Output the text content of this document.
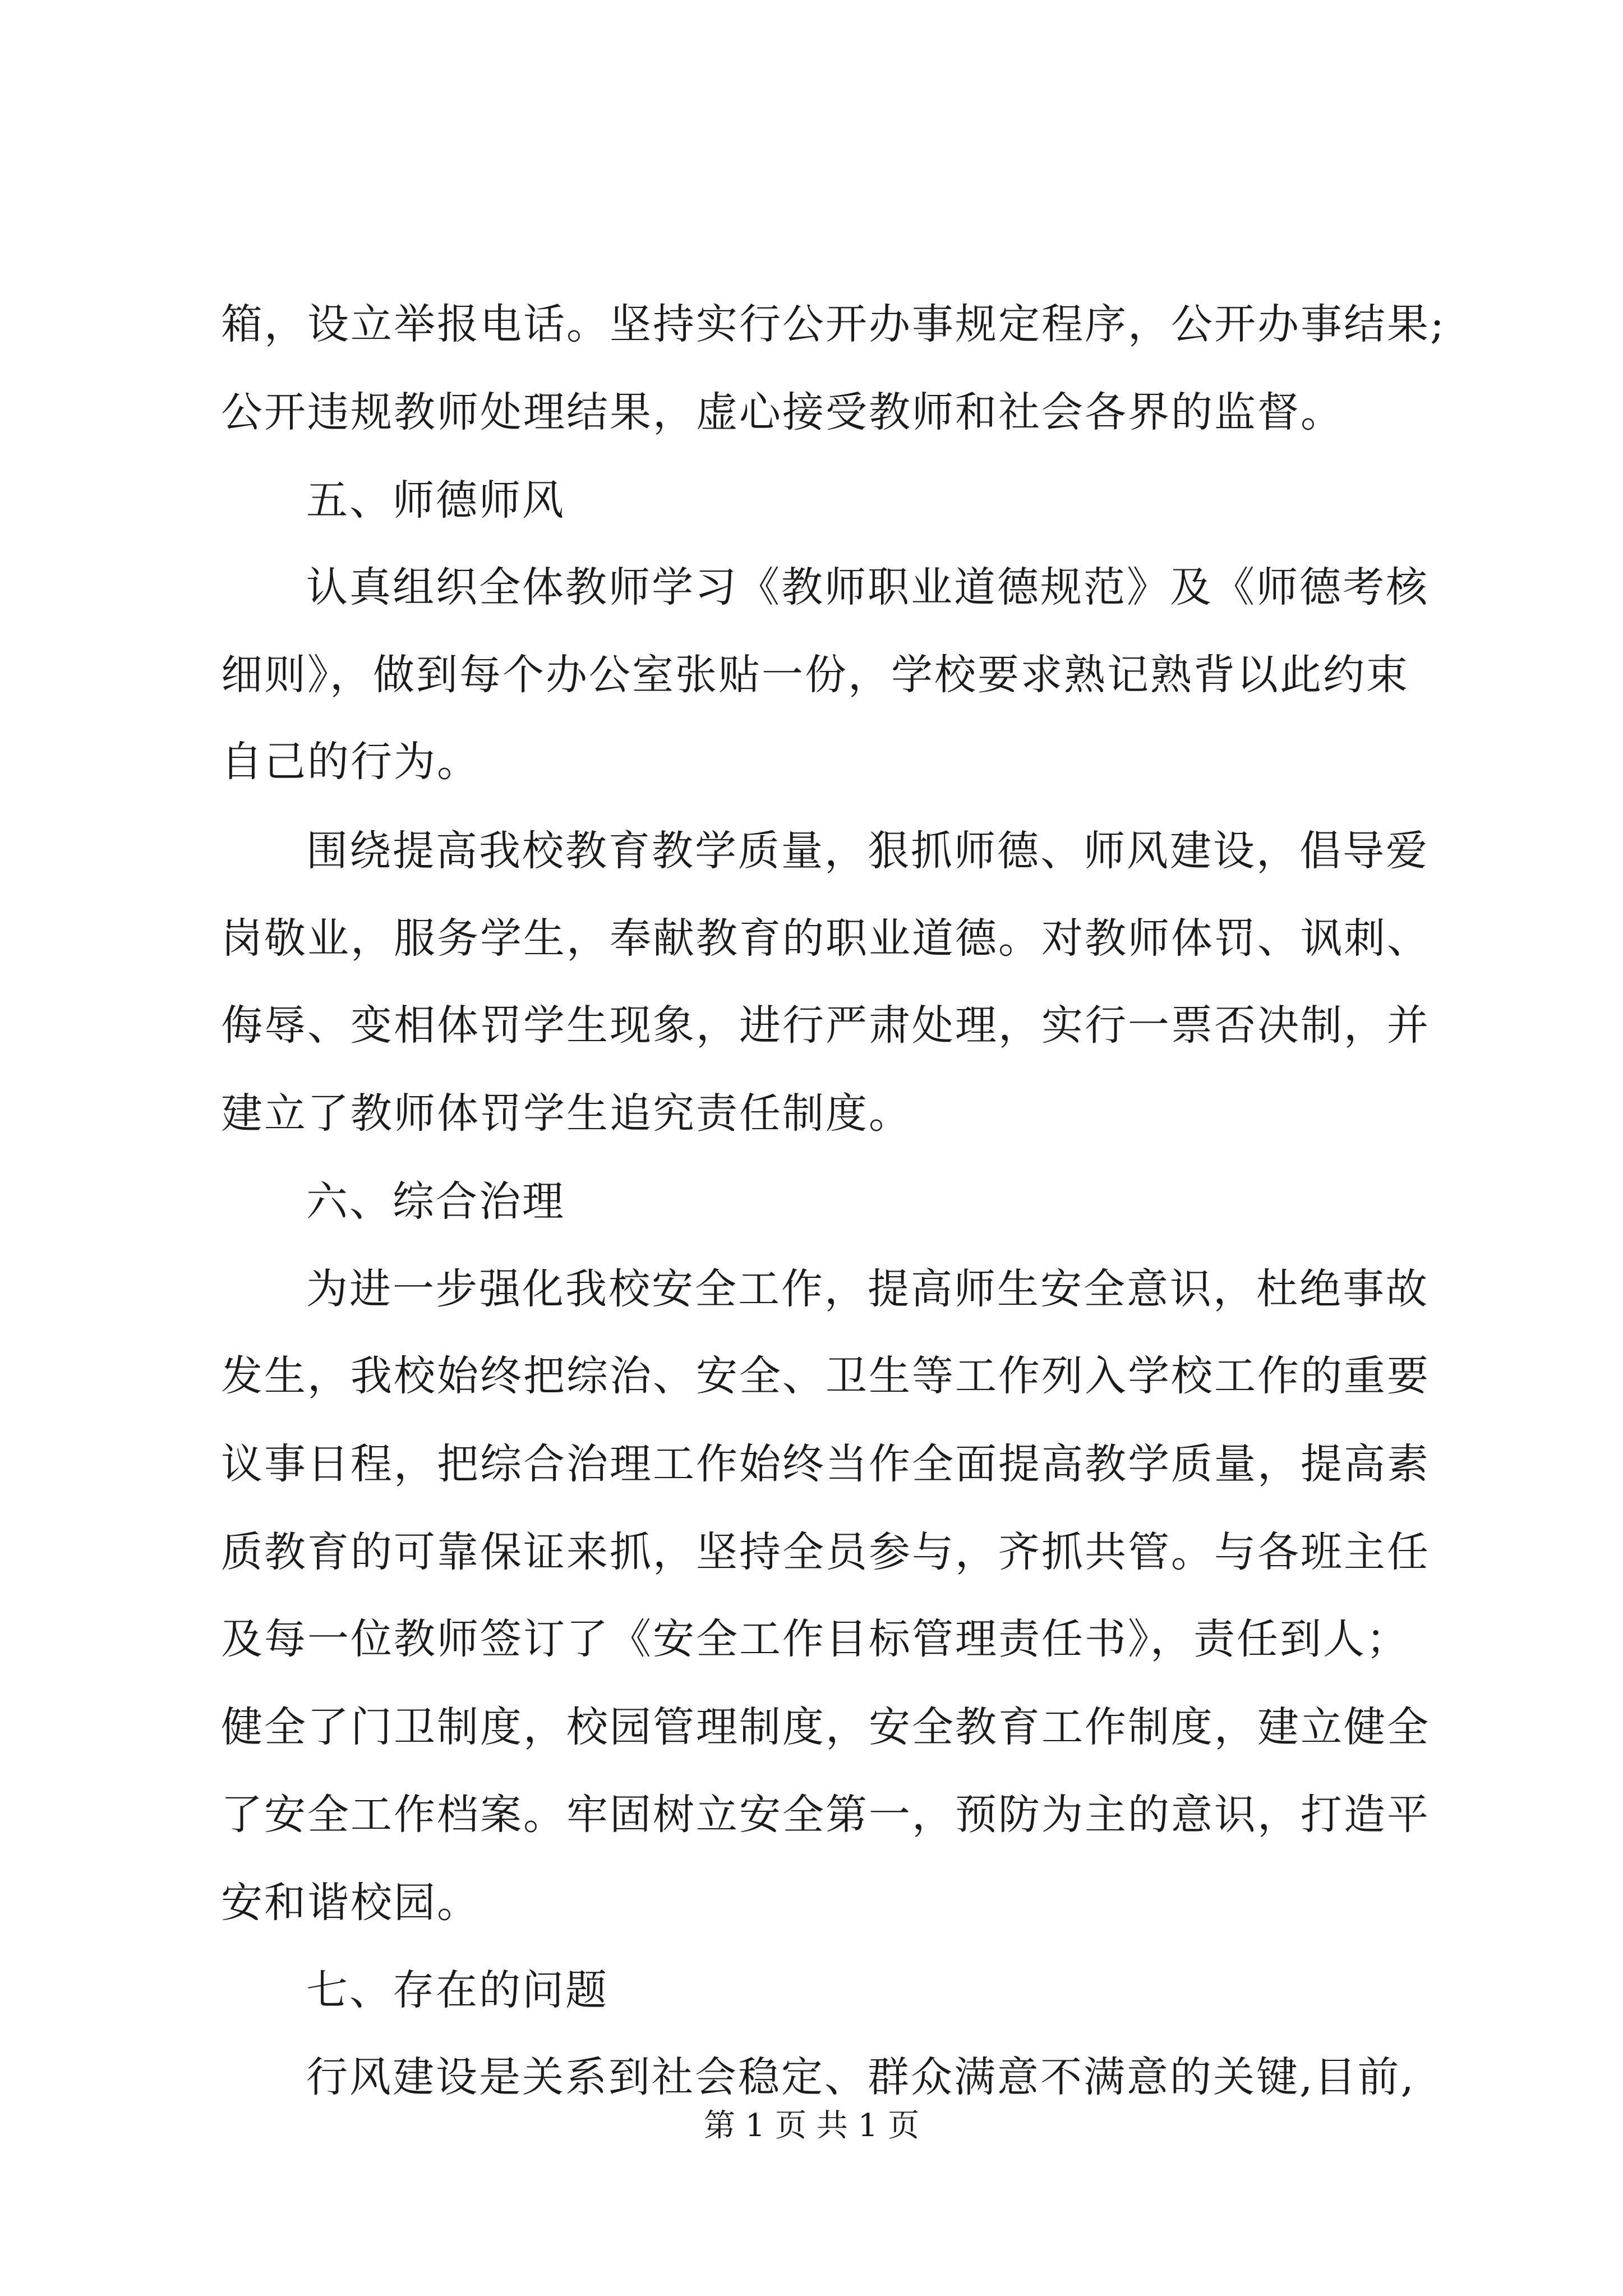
箱，设立举报电话。坚持实行公开办事规定程序，公开办事结果;
公开违规教师处理结果，虚心接受教师和社会各界的监督。
五、师德师风
认真组织全体教师学习《教师职业道德规范》及《师德考核
细则》，做到每个办公室张贴一份，学校要求熟记熟背以此约束
自己的行为。
围绕提高我校教育教学质量，狠抓师德、师风建设，倡导爱
岗敬业，服务学生，奉献教育的职业道德。对教师体罚、讽刺、
侮辱、变相体罚学生现象，进行严肃处理，实行一票否决制，并
建立了教师体罚学生追究责任制度。
六、综合治理
为进一步强化我校安全工作，提高师生安全意识，杜绝事故
发生，我校始终把综治、安全、卫生等工作列入学校工作的重要
议事日程，把综合治理工作始终当作全面提高教学质量，提高素
质教育的可靠保证来抓，坚持全员参与，齐抓共管。与各班主任
及每一位教师签订了《安全工作目标管理责任书》，责任到人；
健全了门卫制度，校园管理制度，安全教育工作制度，建立健全
了安全工作档案。牢固树立安全第一，预防为主的意识，打造平
安和谐校园。
七、存在的问题
行风建设是关系到社会稳定、群众满意不满意的关键,目前,
第 1 页 共 1 页
